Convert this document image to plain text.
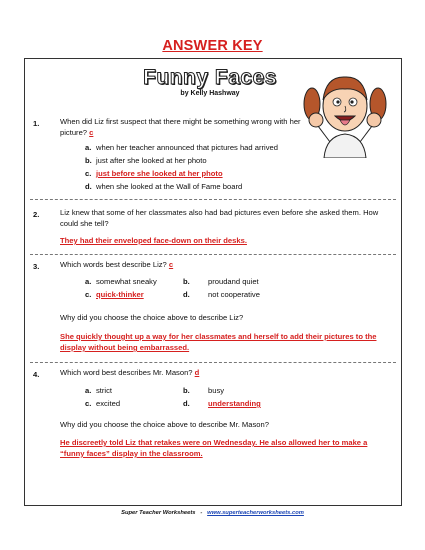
ANSWER KEY
Funny Faces
by Kelly Hashway
1.	When did Liz first suspect that there might be something wrong with her picture? c
a. when her teacher announced that pictures had arrived
b. just after she looked at her photo
c. just before she looked at her photo
d. when she looked at the Wall of Fame board
2.	Liz knew that some of her classmates also had bad pictures even before she asked them. How could she tell?
They had their enveloped face-down on their desks.
3.	Which words best describe Liz? c
a. somewhat sneaky	b. proudand quiet
c. quick-thinker	d. not cooperative
Why did you choose the choice above to describe Liz?
She quickly thought up a way for her classmates and herself to add their pictures to the display without being embarrassed.
4.	Which word best describes Mr. Mason? d
a. strict	b. busy
c. excited	d. understanding
Why did you choose the choice above to describe Mr. Mason?
He discreetly told Liz that retakes were on Wednesday. He also allowed her to make a “funny faces” display in the classroom.
Super Teacher Worksheets - www.superteacherworksheets.com
